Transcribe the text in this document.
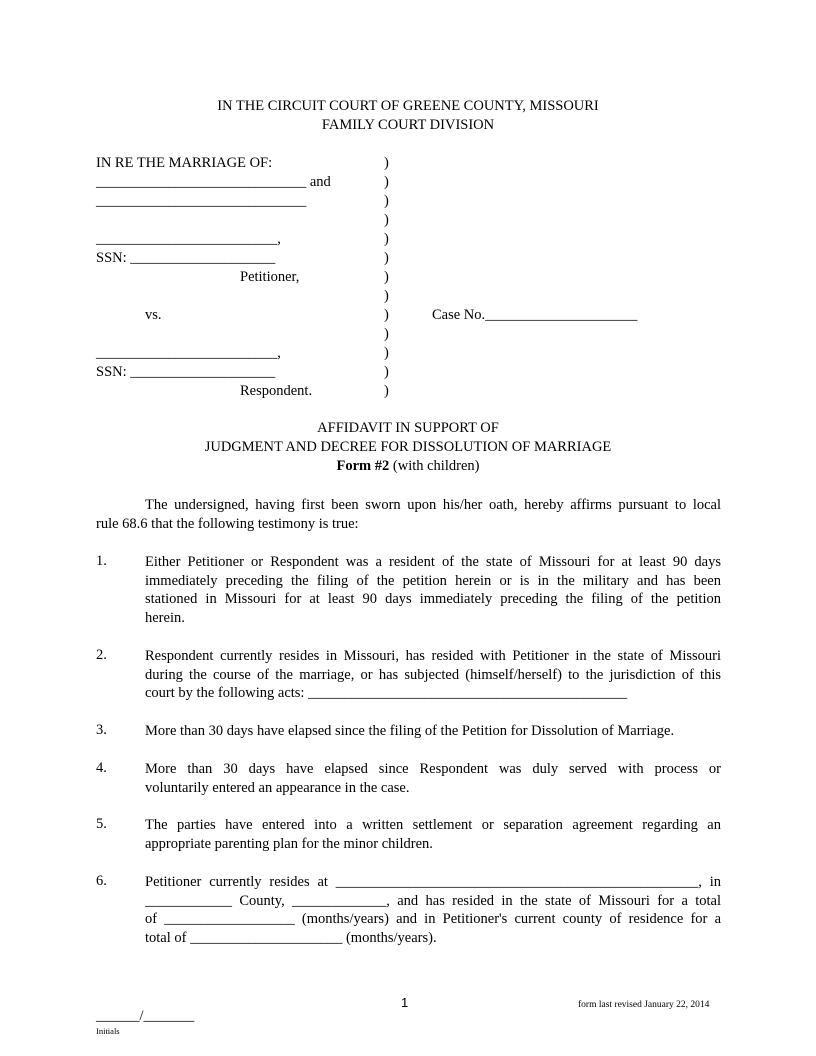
IN THE CIRCUIT COURT OF GREENE COUNTY, MISSOURI
FAMILY COURT DIVISION
IN RE THE MARRIAGE OF:
_____________________________ and
_____________________________
_________________________,
SSN: ____________________
Petitioner,
vs.
_________________________,
SSN: ____________________
Respondent.
)
)
)
)
)
)
)
)
)
)
)
)
)
Case No._____________________
AFFIDAVIT IN SUPPORT OF
JUDGMENT AND DECREE FOR DISSOLUTION OF MARRIAGE
Form #2 (with children)
The undersigned, having first been sworn upon his/her oath, hereby affirms pursuant to local
rule 68.6 that the following testimony is true:
1.	Either Petitioner or Respondent was a resident of the state of Missouri for at least 90 days
immediately preceding the filing of the petition herein or is in the military and has been
stationed in Missouri for at least 90 days immediately preceding the filing of the petition
herein.
2.	Respondent currently resides in Missouri, has resided with Petitioner in the state of Missouri
during the course of the marriage, or has subjected (himself/herself) to the jurisdiction of this
court by the following acts: ____________________________________________
3.	More than 30 days have elapsed since the filing of the Petition for Dissolution of Marriage.
4.	More than 30 days have elapsed since Respondent was duly served with process or
voluntarily entered an appearance in the case.
5.	The parties have entered into a written settlement or separation agreement regarding an
appropriate parenting plan for the minor children.
6.	Petitioner currently resides at __________________________________________________, in
____________ County, _____________, and has resided in the state of Missouri for a total
of __________________ (months/years) and in Petitioner's current county of residence for a
total of _____________________ (months/years).
1	form last revised January 22, 2014
______/_______
Initials
